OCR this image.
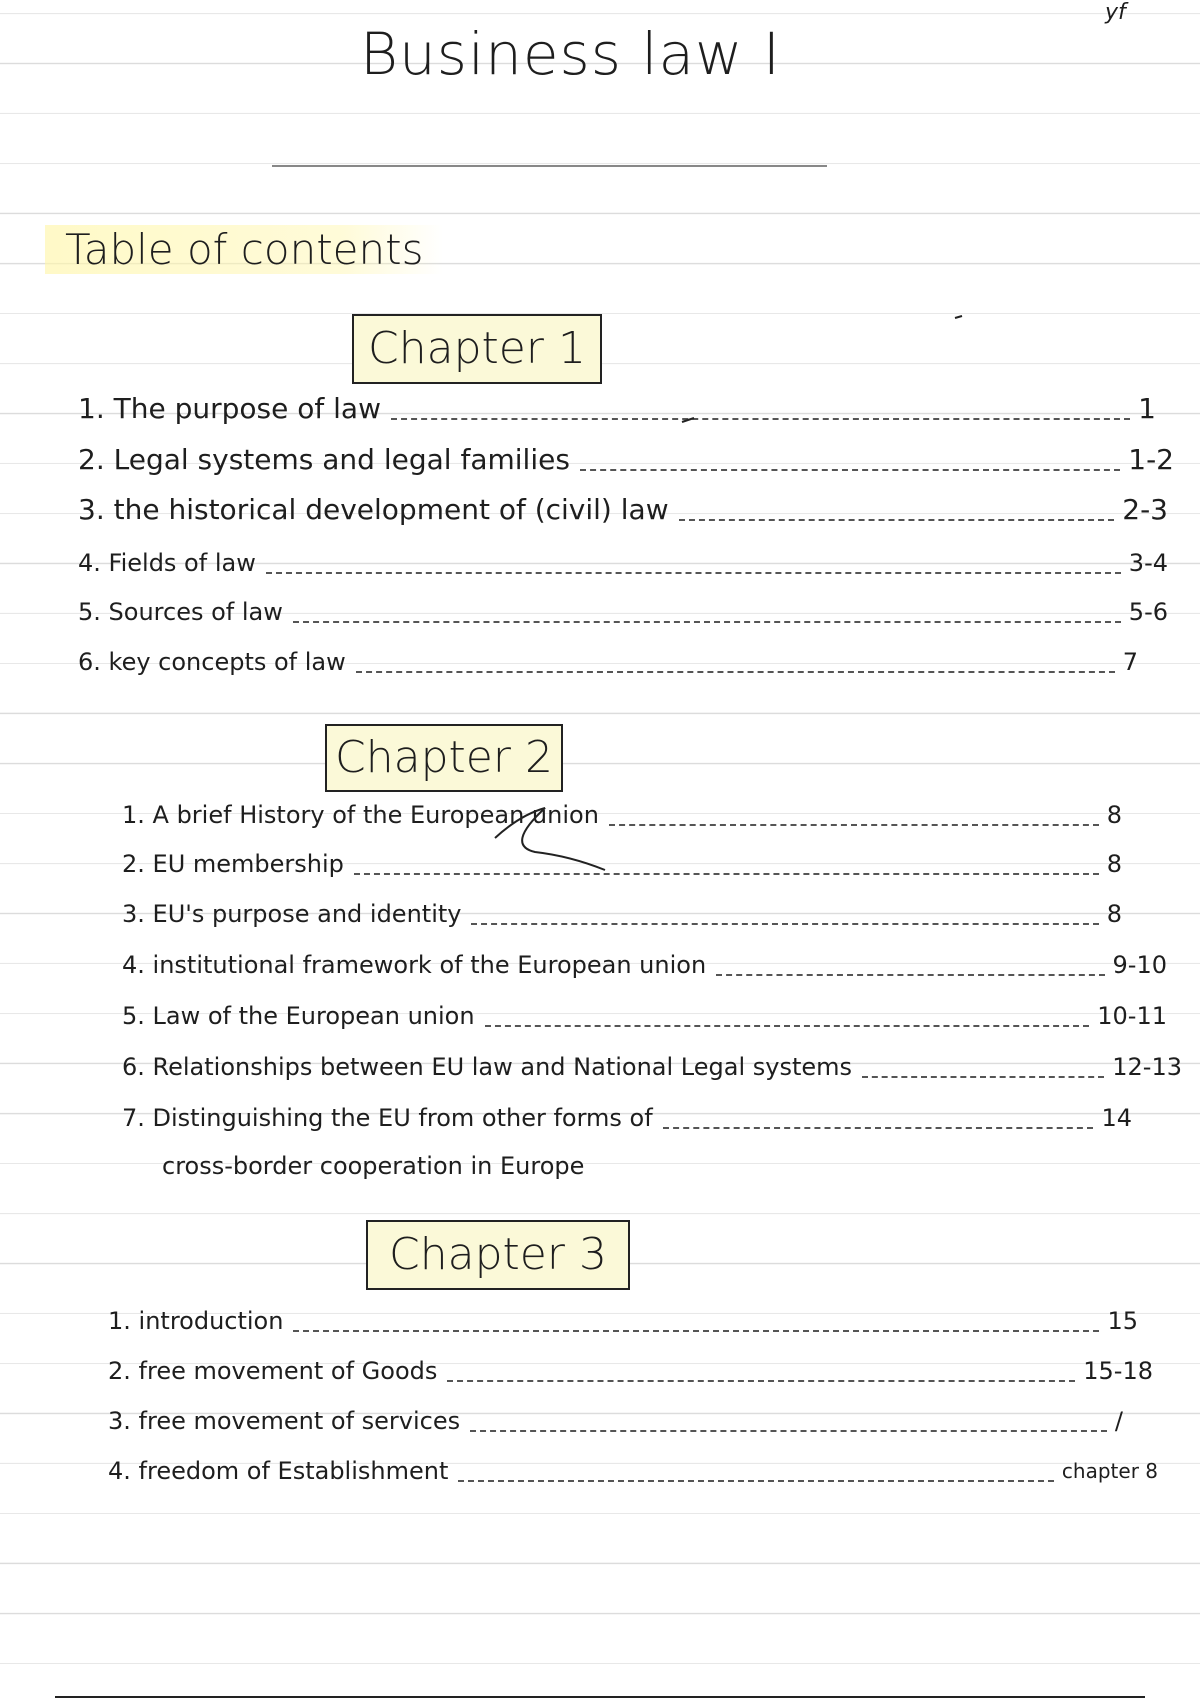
yf
Business law I
Table of contents
Chapter 1
1. The purpose of law	1
2. Legal systems and legal families	1-2
3. the historical development of (civil) law	2-3
4. Fields of law	3-4
5. Sources of law	5-6
6. key concepts of law	7
Chapter 2
1. A brief History of the European union	8
2. EU membership	8
3. EU's purpose and identity	8
4. institutional framework of the European union	9-10
5. Law of the European union	10-11
6. Relationships between EU law and National Legal systems	12-13
7. Distinguishing the EU from other forms of	14
cross-border cooperation in Europe
Chapter 3
1. introduction	15
2. free movement of Goods	15-18
3. free movement of services	/
4. freedom of Establishment	chapter 8
